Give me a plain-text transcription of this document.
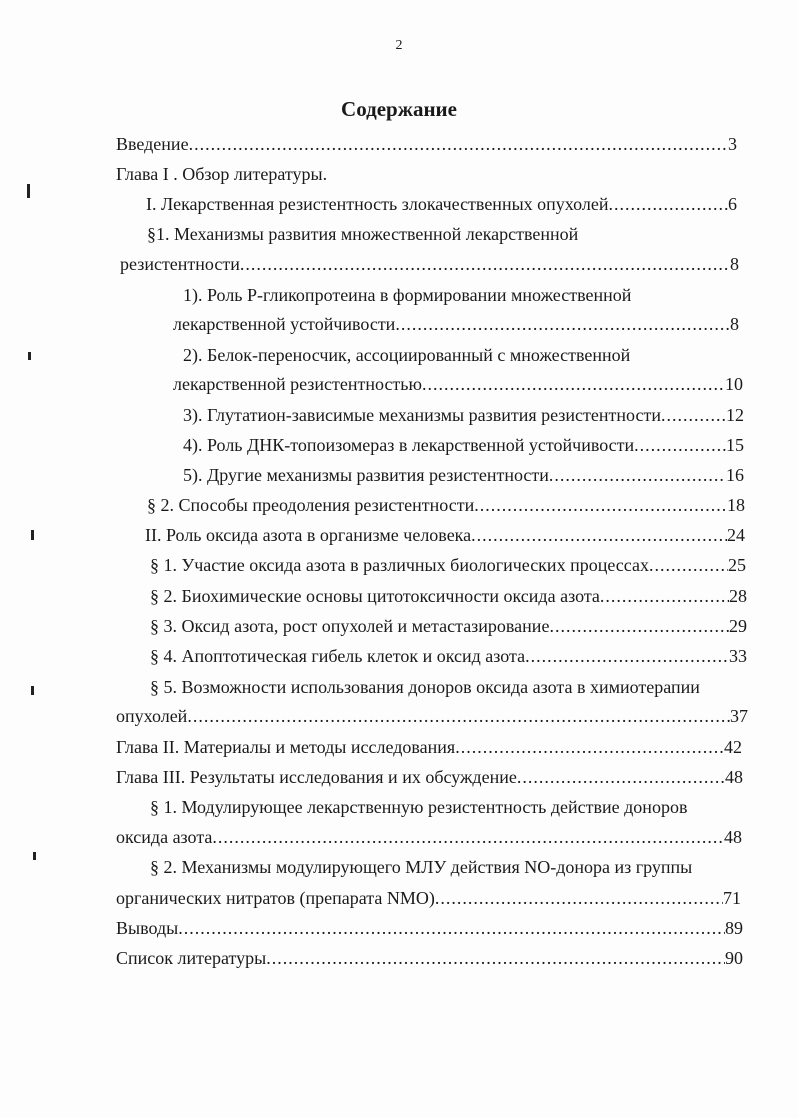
2
Содержание
Введение .....	3
Глава I . Обзор литературы.
I. Лекарственная резистентность злокачественных опухолей .....	6
§1. Механизмы развития множественной лекарственной
резистентности .....	8
1). Роль Р-гликопротеина в формировании множественной
лекарственной устойчивости .....	8
2). Белок-переносчик, ассоциированный с множественной
лекарственной резистентностью .....	10
3). Глутатион-зависимые механизмы развития резистентности .....	12
4). Роль ДНК-топоизомераз в лекарственной устойчивости .....	15
5). Другие механизмы развития резистентности .....	16
§ 2. Способы преодоления резистентности .....	18
II. Роль оксида азота в организме человека .....	24
§ 1. Участие оксида азота в различных биологических процессах .....	25
§ 2. Биохимические основы цитотоксичности оксида азота .....	28
§ 3. Оксид азота, рост опухолей и метастазирование .....	29
§ 4. Апоптотическая гибель клеток и оксид азота .....	33
§ 5. Возможности использования доноров оксида азота в химиотерапии
опухолей .....	37
Глава II. Материалы и методы исследования .....	42
Глава III. Результаты исследования и их обсуждение .....	48
§ 1. Модулирующее лекарственную резистентность действие доноров
оксида азота .....	48
§ 2. Механизмы модулирующего МЛУ действия NO-донора из группы
органических нитратов (препарата NMO) .....	71
Выводы .....	89
Список литературы .....	90
